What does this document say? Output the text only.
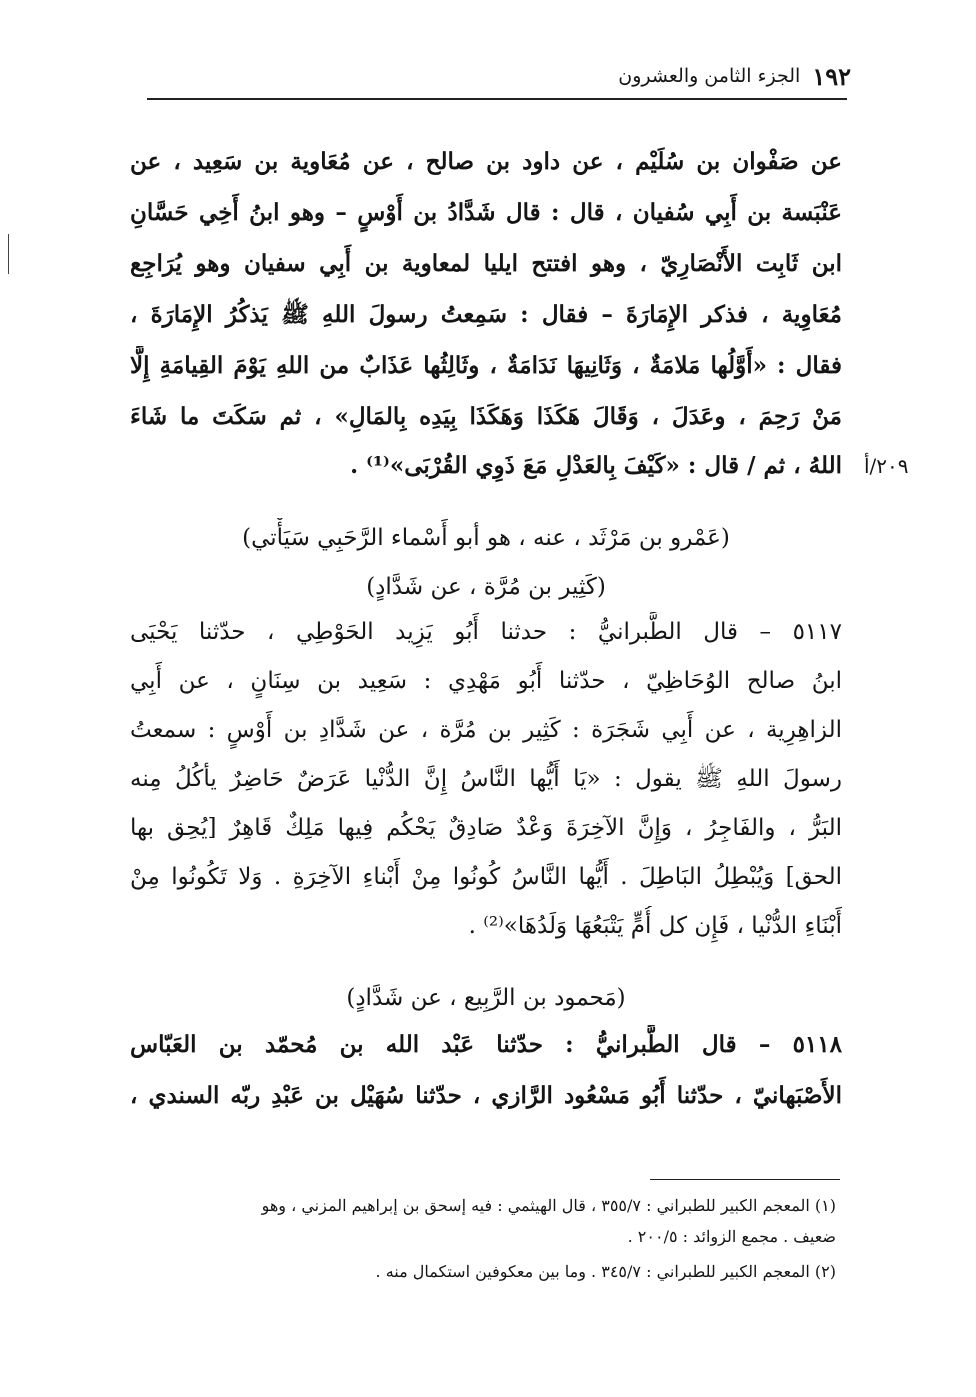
١٩٢
الجزء الثامن والعشرون
عن صَفْوان بن سُلَيْم ، عن داود بن صالح ، عن مُعَاوية بن سَعِيد ، عن
عَنْبَسة بن أَبِي سُفيان ، قال : قال شَدَّادُ بن أَوْسٍ – وهو ابنُ أَخِي حَسَّانِ
ابن ثَابِت الأَنْصَارِيّ ، وهو افتتح ايليا لمعاوية بن أَبِي سفيان وهو يُرَاجِع
مُعَاوِية ، فذكر الإِمَارَةَ – فقال : سَمِعتُ رسولَ اللهِ ﷺ يَذكُرُ الإِمَارَةَ ،
فقال : «أَوَّلُها مَلامَةٌ ، وَثَانِيهَا نَدَامَةٌ ، وثَالِثُها عَذَابٌ من اللهِ يَوْمَ القِيامَةِ إِلَّا
مَنْ رَحِمَ ، وعَدَلَ ، وَقَالَ هَكَذَا وَهَكَذَا بِيَدِه بِالمَالِ» ، ثم سَكَتَ ما شَاءَ
اللهُ ، ثم / قال : «كَيْفَ بِالعَدْلِ مَعَ ذَوِي القُرْبَى»⁽¹⁾ . ٢٠٩/أ
(عَمْرو بن مَرْثَد ، عنه ، هو أبو أَسْماء الرَّحَبِي سَيَأْتي)
(كَثِير بن مُرَّة ، عن شَدَّادٍ)
٥١١٧ – قال الطَّبرانيُّ : حدثنا أَبُو يَزِيد الحَوْطِي ، حدّثنا يَحْيَى
ابنُ صالح الوُحَاظِيّ ، حدّثنا أَبُو مَهْدِي : سَعِيد بن سِنَانٍ ، عن أَبِي
الزاهِرِية ، عن أَبِي شَجَرَة : كَثِير بن مُرَّة ، عن شَدَّادِ بن أَوْسٍ : سمعتُ
رسولَ اللهِ ﷺ يقول : «يَا أَيُّها النَّاسُ إِنَّ الدُّنْيا عَرَضٌ حَاضِرٌ يأكُلُ مِنه
البَرُّ ، والفَاجِرُ ، وَإِنَّ الآخِرَةَ وَعْدٌ صَادِقٌ يَحْكُم فِيها مَلِكٌ قَاهِرٌ [يُحِق بها
الحق] وَيُبْطِلُ البَاطِلَ . أَيُّها النَّاسُ كُونُوا مِنْ أَبْناءِ الآخِرَةِ . وَلا تَكُونُوا مِنْ
أَبْنَاءِ الدُّنْيا ، فَإِن كل أُمٍّ يَتْبَعُهَا وَلَدُهَا»⁽²⁾ .
(مَحمود بن الرَّبِيع ، عن شَدَّادٍ)
٥١١٨ – قال الطَّبرانيُّ : حدّثنا عَبْد الله بن مُحمّد بن العَبّاس
الأَصْبَهانيّ ، حدّثنا أَبُو مَسْعُود الرَّازي ، حدّثنا سُهَيْل بن عَبْدِ ربّه السندي ،
(١) المعجم الكبير للطبراني : ٣٥٥/٧ ، قال الهيثمي : فيه إسحق بن إبراهيم المزني ، وهو
ضعيف . مجمع الزوائد : ٢٠٠/٥ .
(٢) المعجم الكبير للطبراني : ٣٤٥/٧ . وما بين معكوفين استكمال منه .
